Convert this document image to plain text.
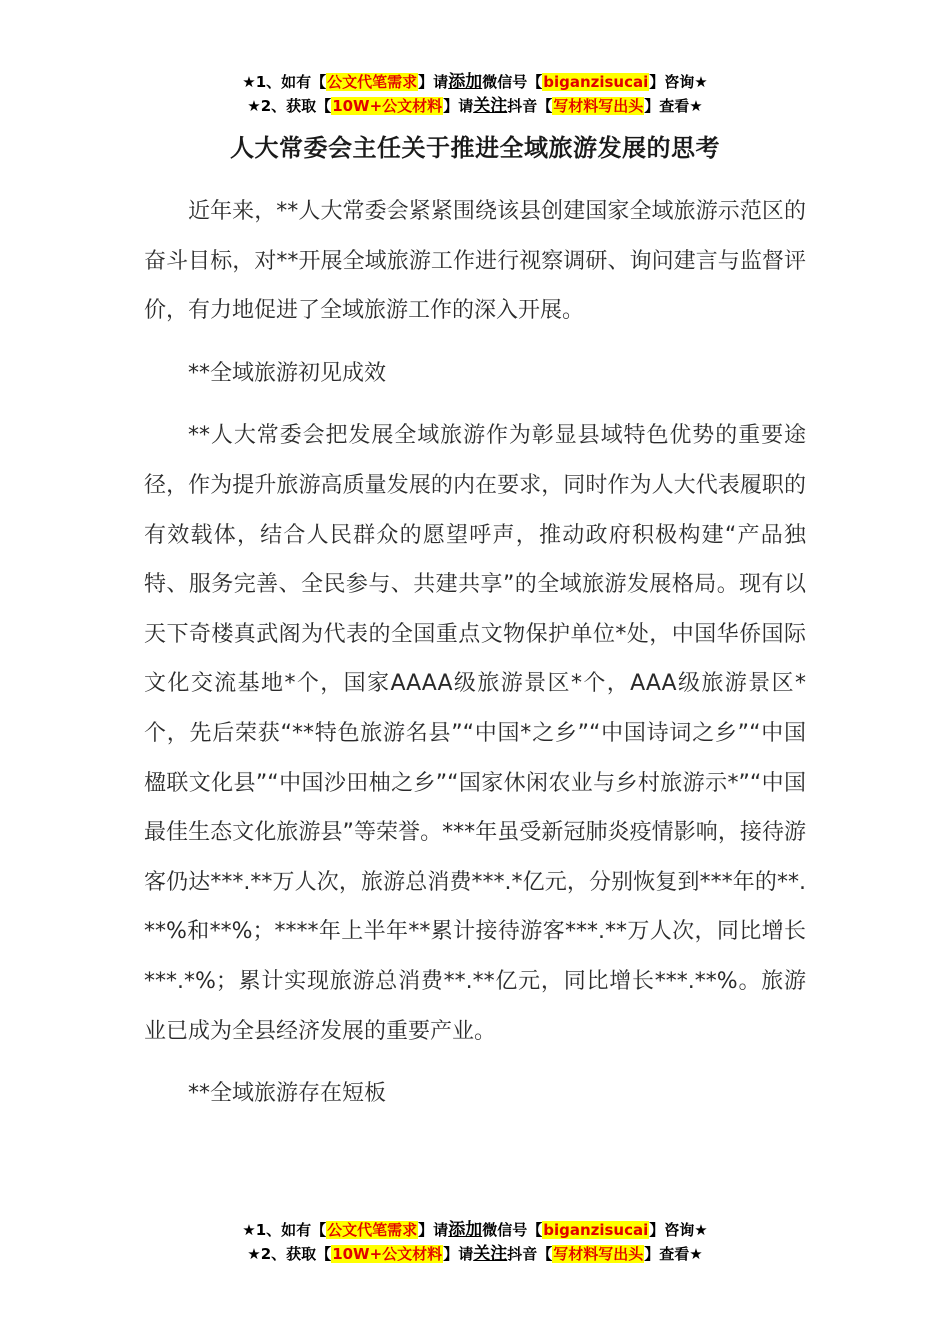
★1、如有【公文代笔需求】请添加微信号【biganzisucai】咨询★
★2、获取【10W+公文材料】请关注抖音【写材料写出头】查看★
人大常委会主任关于推进全域旅游发展的思考

近年来，**人大常委会紧紧围绕该县创建国家全域旅游示范区的奋斗目标，对**开展全域旅游工作进行视察调研、询问建言与监督评价，有力地促进了全域旅游工作的深入开展。

**全域旅游初见成效

**人大常委会把发展全域旅游作为彰显县域特色优势的重要途径，作为提升旅游高质量发展的内在要求，同时作为人大代表履职的有效载体，结合人民群众的愿望呼声，推动政府积极构建“产品独特、服务完善、全民参与、共建共享”的全域旅游发展格局。现有以天下奇楼真武阁为代表的全国重点文物保护单位*处，中国华侨国际文化交流基地*个，国家AAAA级旅游景区*个，AAA级旅游景区*个，先后荣获“**特色旅游名县”“中国*之乡”“中国诗词之乡”“中国楹联文化县”“中国沙田柚之乡”“国家休闲农业与乡村旅游示*”“中国最佳生态文化旅游县”等荣誉。***年虽受新冠肺炎疫情影响，接待游客仍达***.**万人次，旅游总消费***.*亿元，分别恢复到***年的**.**%和**%；****年上半年**累计接待游客***.**万人次，同比增长***.*%；累计实现旅游总消费**.**亿元，同比增长***.**%。旅游业已成为全县经济发展的重要产业。

**全域旅游存在短板

★1、如有【公文代笔需求】请添加微信号【biganzisucai】咨询★
★2、获取【10W+公文材料】请关注抖音【写材料写出头】查看★
